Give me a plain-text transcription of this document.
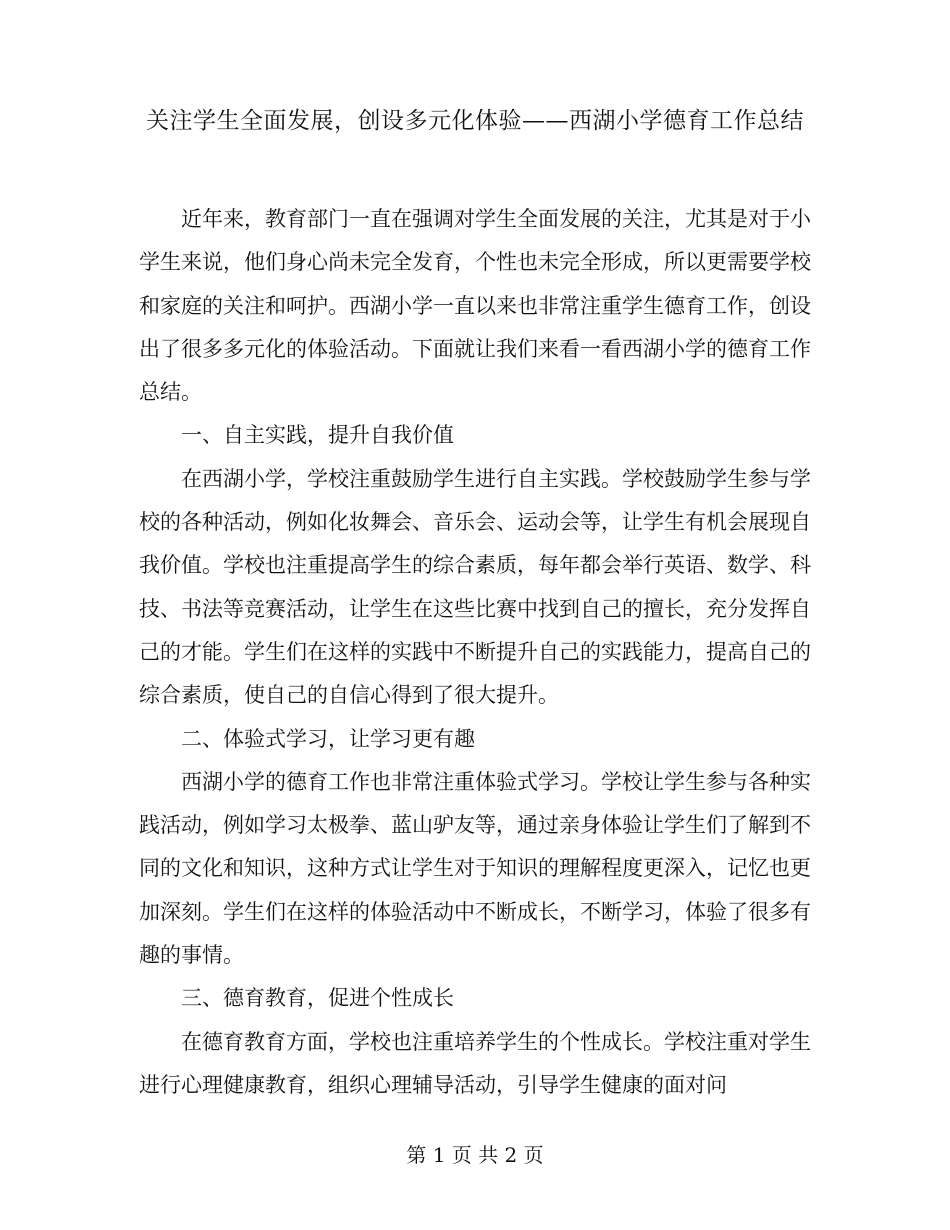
关注学生全面发展，创设多元化体验——西湖小学德育工作总结

近年来，教育部门一直在强调对学生全面发展的关注，尤其是对于小学生来说，他们身心尚未完全发育，个性也未完全形成，所以更需要学校和家庭的关注和呵护。西湖小学一直以来也非常注重学生德育工作，创设出了很多多元化的体验活动。下面就让我们来看一看西湖小学的德育工作总结。

一、自主实践，提升自我价值

在西湖小学，学校注重鼓励学生进行自主实践。学校鼓励学生参与学校的各种活动，例如化妆舞会、音乐会、运动会等，让学生有机会展现自我价值。学校也注重提高学生的综合素质，每年都会举行英语、数学、科技、书法等竞赛活动，让学生在这些比赛中找到自己的擅长，充分发挥自己的才能。学生们在这样的实践中不断提升自己的实践能力，提高自己的综合素质，使自己的自信心得到了很大提升。

二、体验式学习，让学习更有趣

西湖小学的德育工作也非常注重体验式学习。学校让学生参与各种实践活动，例如学习太极拳、蓝山驴友等，通过亲身体验让学生们了解到不同的文化和知识，这种方式让学生对于知识的理解程度更深入，记忆也更加深刻。学生们在这样的体验活动中不断成长，不断学习，体验了很多有趣的事情。

三、德育教育，促进个性成长

在德育教育方面，学校也注重培养学生的个性成长。学校注重对学生进行心理健康教育，组织心理辅导活动，引导学生健康的面对问

第 1 页 共 2 页
